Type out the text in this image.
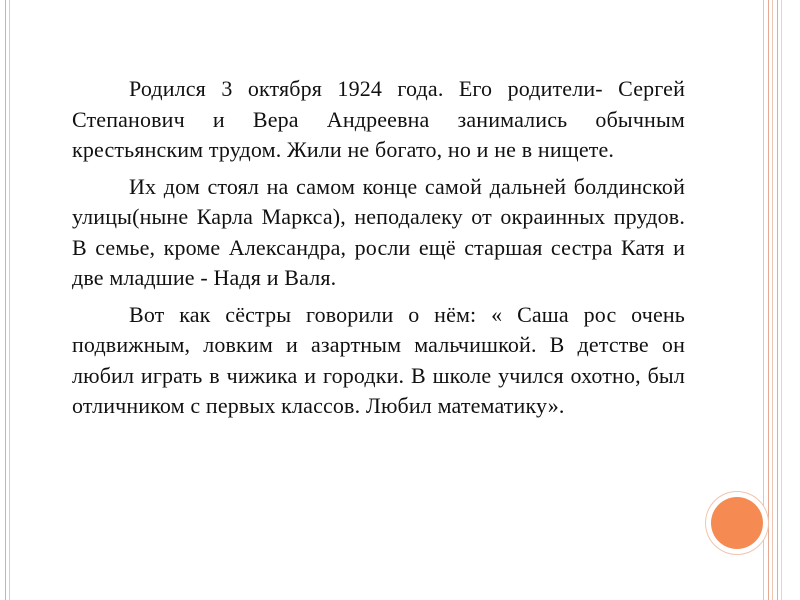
Родился 3 октября 1924 года. Его родители- Сергей Степанович и Вера Андреевна занимались обычным крестьянским трудом. Жили не богато, но и не в нищете.

Их дом стоял на самом конце самой дальней болдинской улицы(ныне Карла Маркса), неподалеку от окраинных прудов. В семье, кроме Александра, росли ещё старшая сестра Катя и две младшие - Надя и Валя.

Вот как сёстры говорили о нём: « Саша рос очень подвижным, ловким и азартным мальчишкой. В детстве он любил играть в чижика и городки. В школе учился охотно, был отличником с первых классов. Любил математику».
